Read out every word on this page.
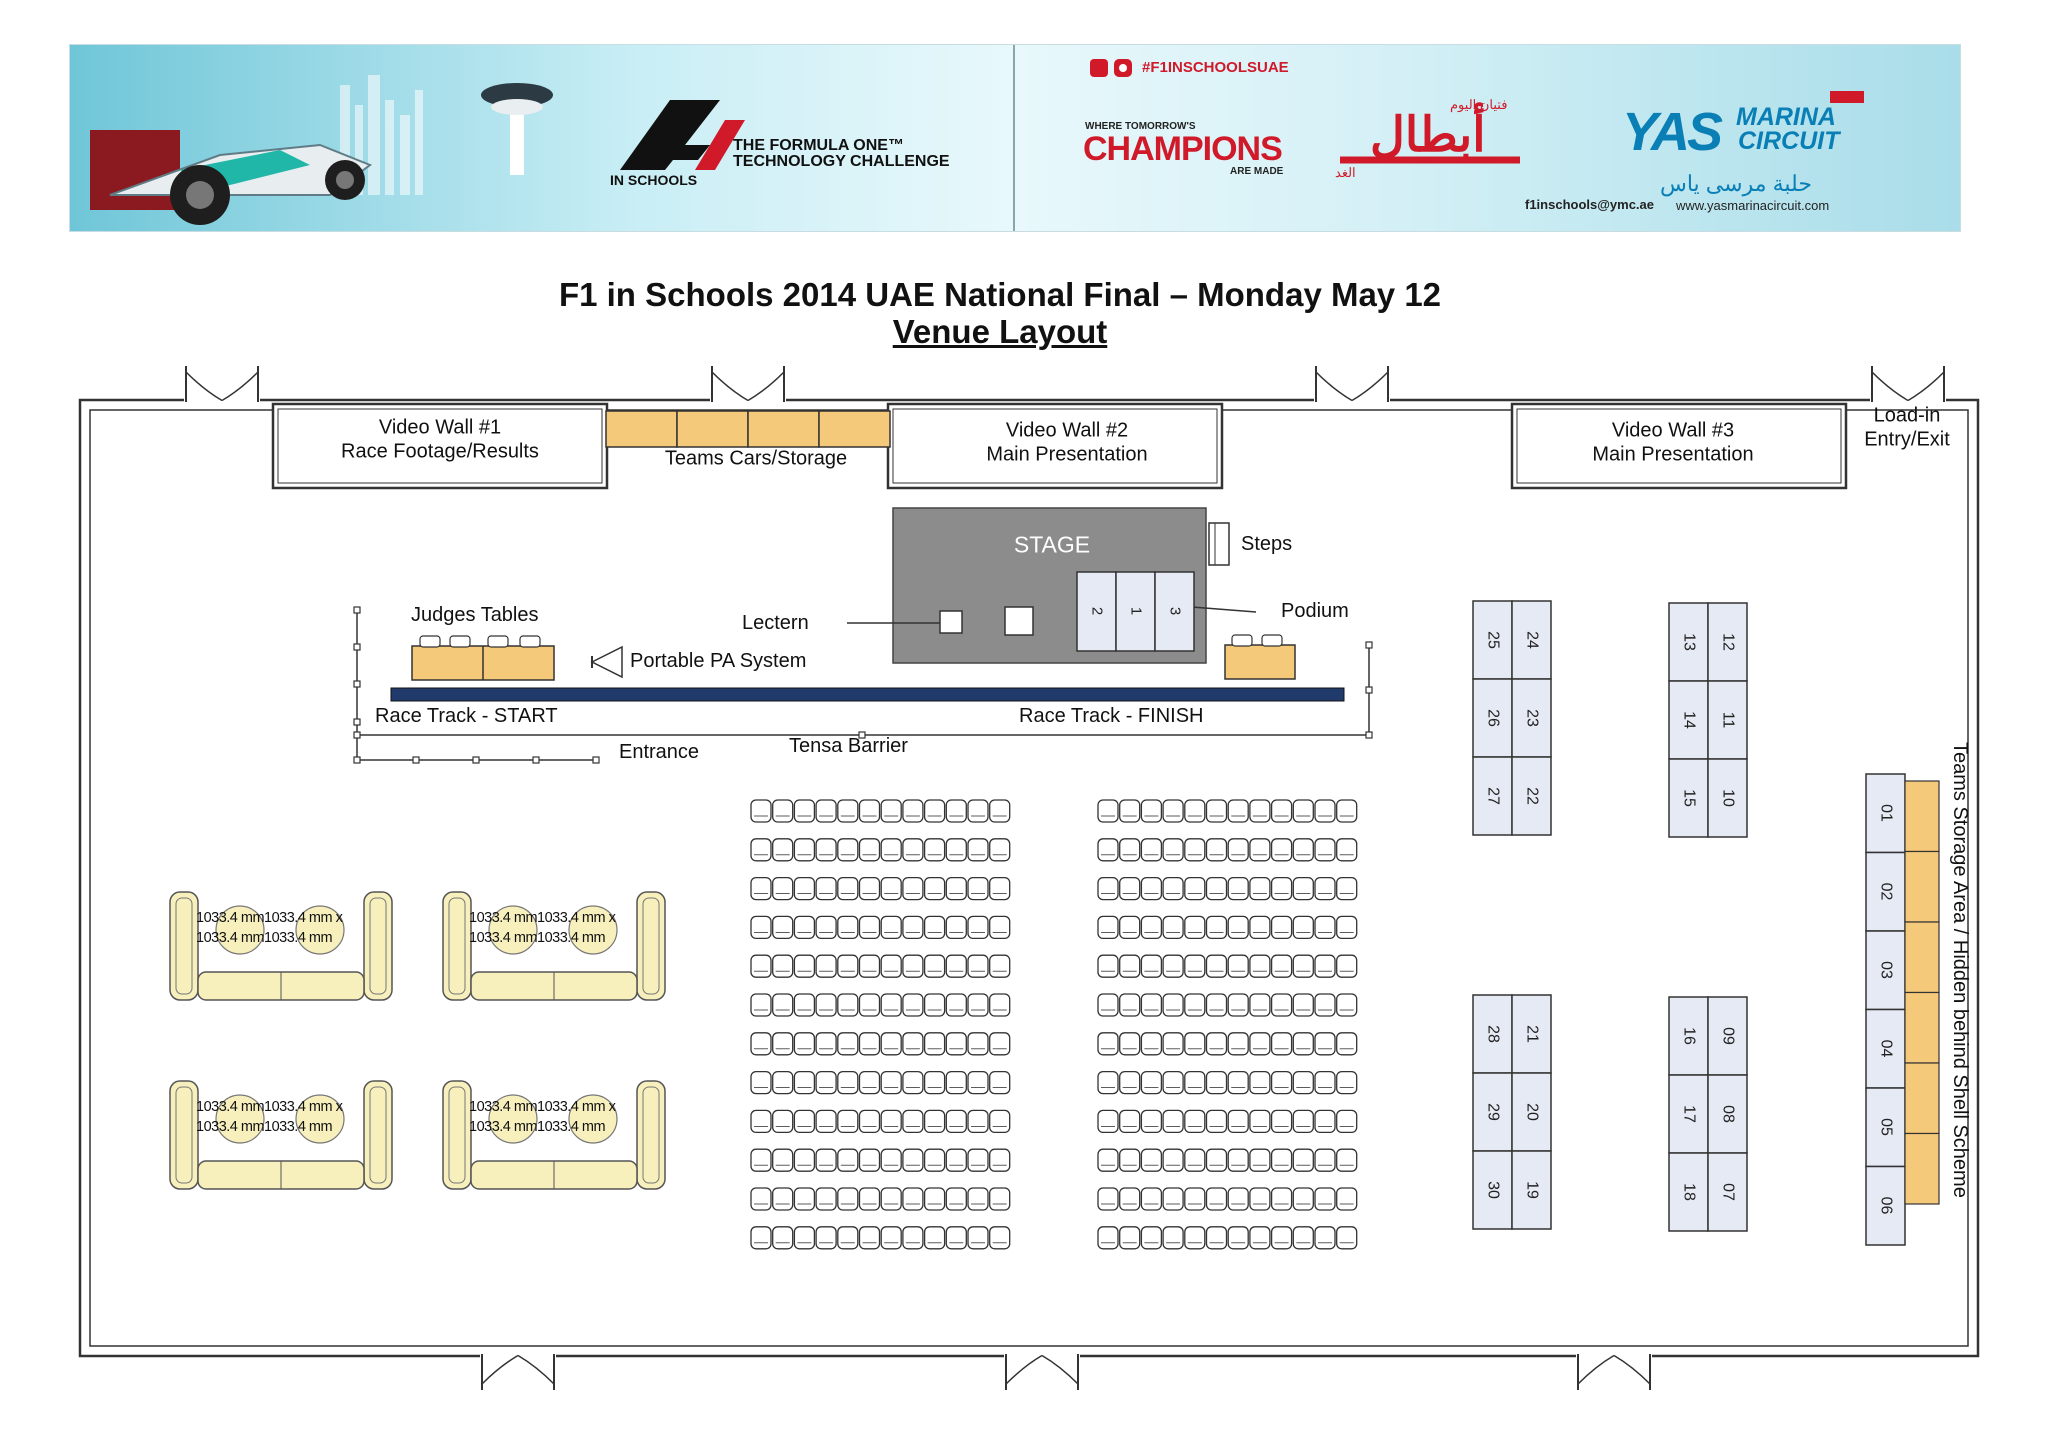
IN SCHOOLS
THE FORMULA ONE™
TECHNOLOGY CHALLENGE
#F1INSCHOOLSUAE
WHERE TOMORROW'S
CHAMPIONS
ARE MADE
فتيان اليوم
أبطال
الغد
YAS MARINA
CIRCUIT
حلبة مرسى ياس
f1inschools@ymc.ae www.yasmarinacircuit.com
F1 in Schools 2014 UAE National Final – Monday May 12
Venue Layout
2 1 3
25 24
26 23
27 22
13 12
14 11
15 10
28 21
29 20
30 19
16 09
17 08
18 07
01
02
03
04
05
06
Video Wall #1
Race Footage/Results	Teams Cars/Storage
Video Wall #2
Main Presentation
Video Wall #3
Main Presentation
Load-in
Entry/Exit
STAGE	Steps
Podium
Lectern
Portable PA System
Judges Tables
Race Track - START	Race Track - FINISH
Entrance	Tensa Barrier	Teams Storage Area / Hidden behind Shell Scheme
1033.4 mm1033.4 mm x
1033.4 mm1033.4 mm
1033.4 mm1033.4 mm x
1033.4 mm1033.4 mm
1033.4 mm1033.4 mm x
1033.4 mm1033.4 mm
1033.4 mm1033.4 mm x
1033.4 mm1033.4 mm
